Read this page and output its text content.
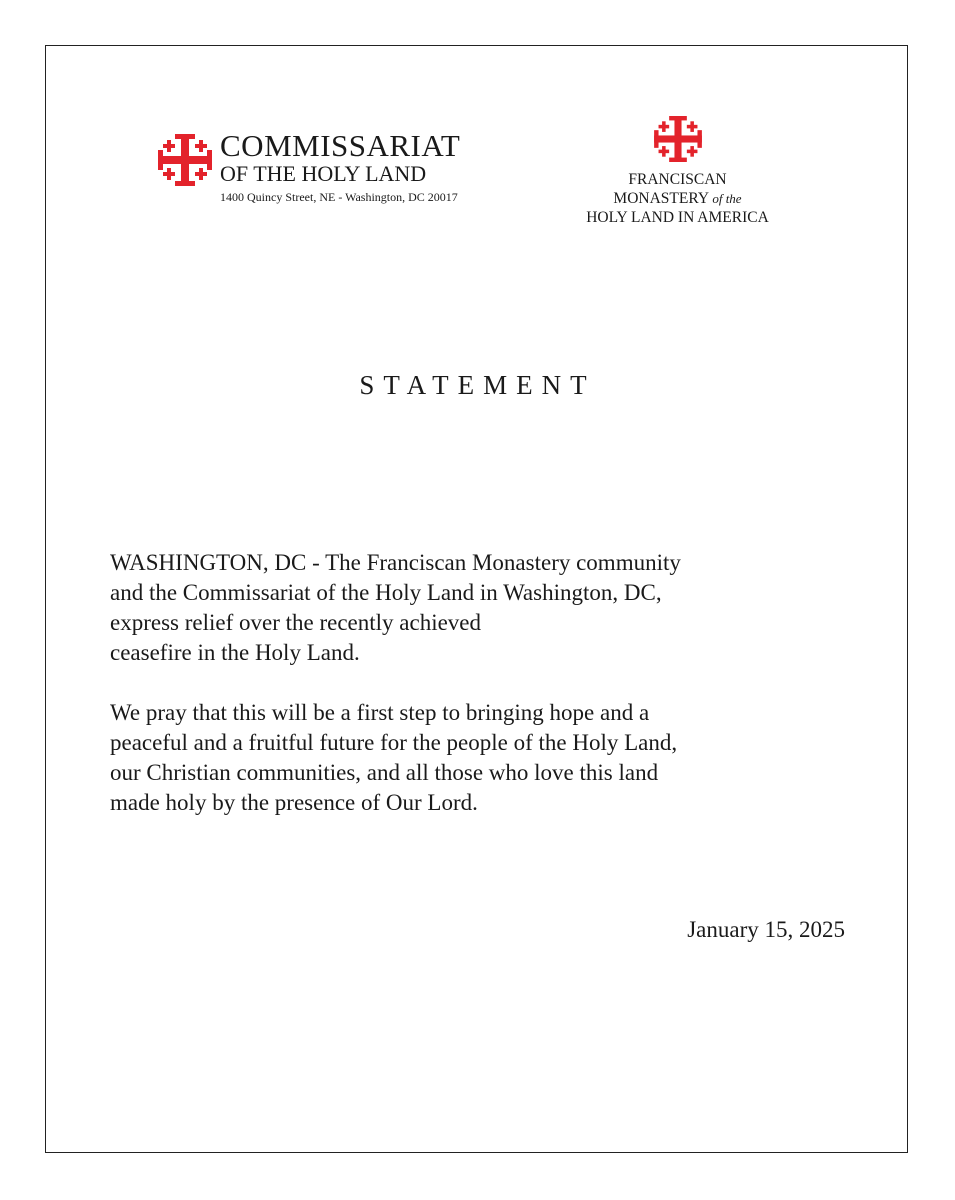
COMMISSARIAT
OF THE HOLY LAND
1400 Quincy Street, NE - Washington, DC 20017
FRANCISCAN
MONASTERY of the
HOLY LAND IN AMERICA
STATEMENT

WASHINGTON, DC - The Franciscan Monastery community
and the Commissariat of the Holy Land in Washington, DC,
express relief over the recently achieved
ceasefire in the Holy Land.

We pray that this will be a first step to bringing hope and a
peaceful and a fruitful future for the people of the Holy Land,
our Christian communities, and all those who love this land
made holy by the presence of Our Lord.

January 15, 2025
